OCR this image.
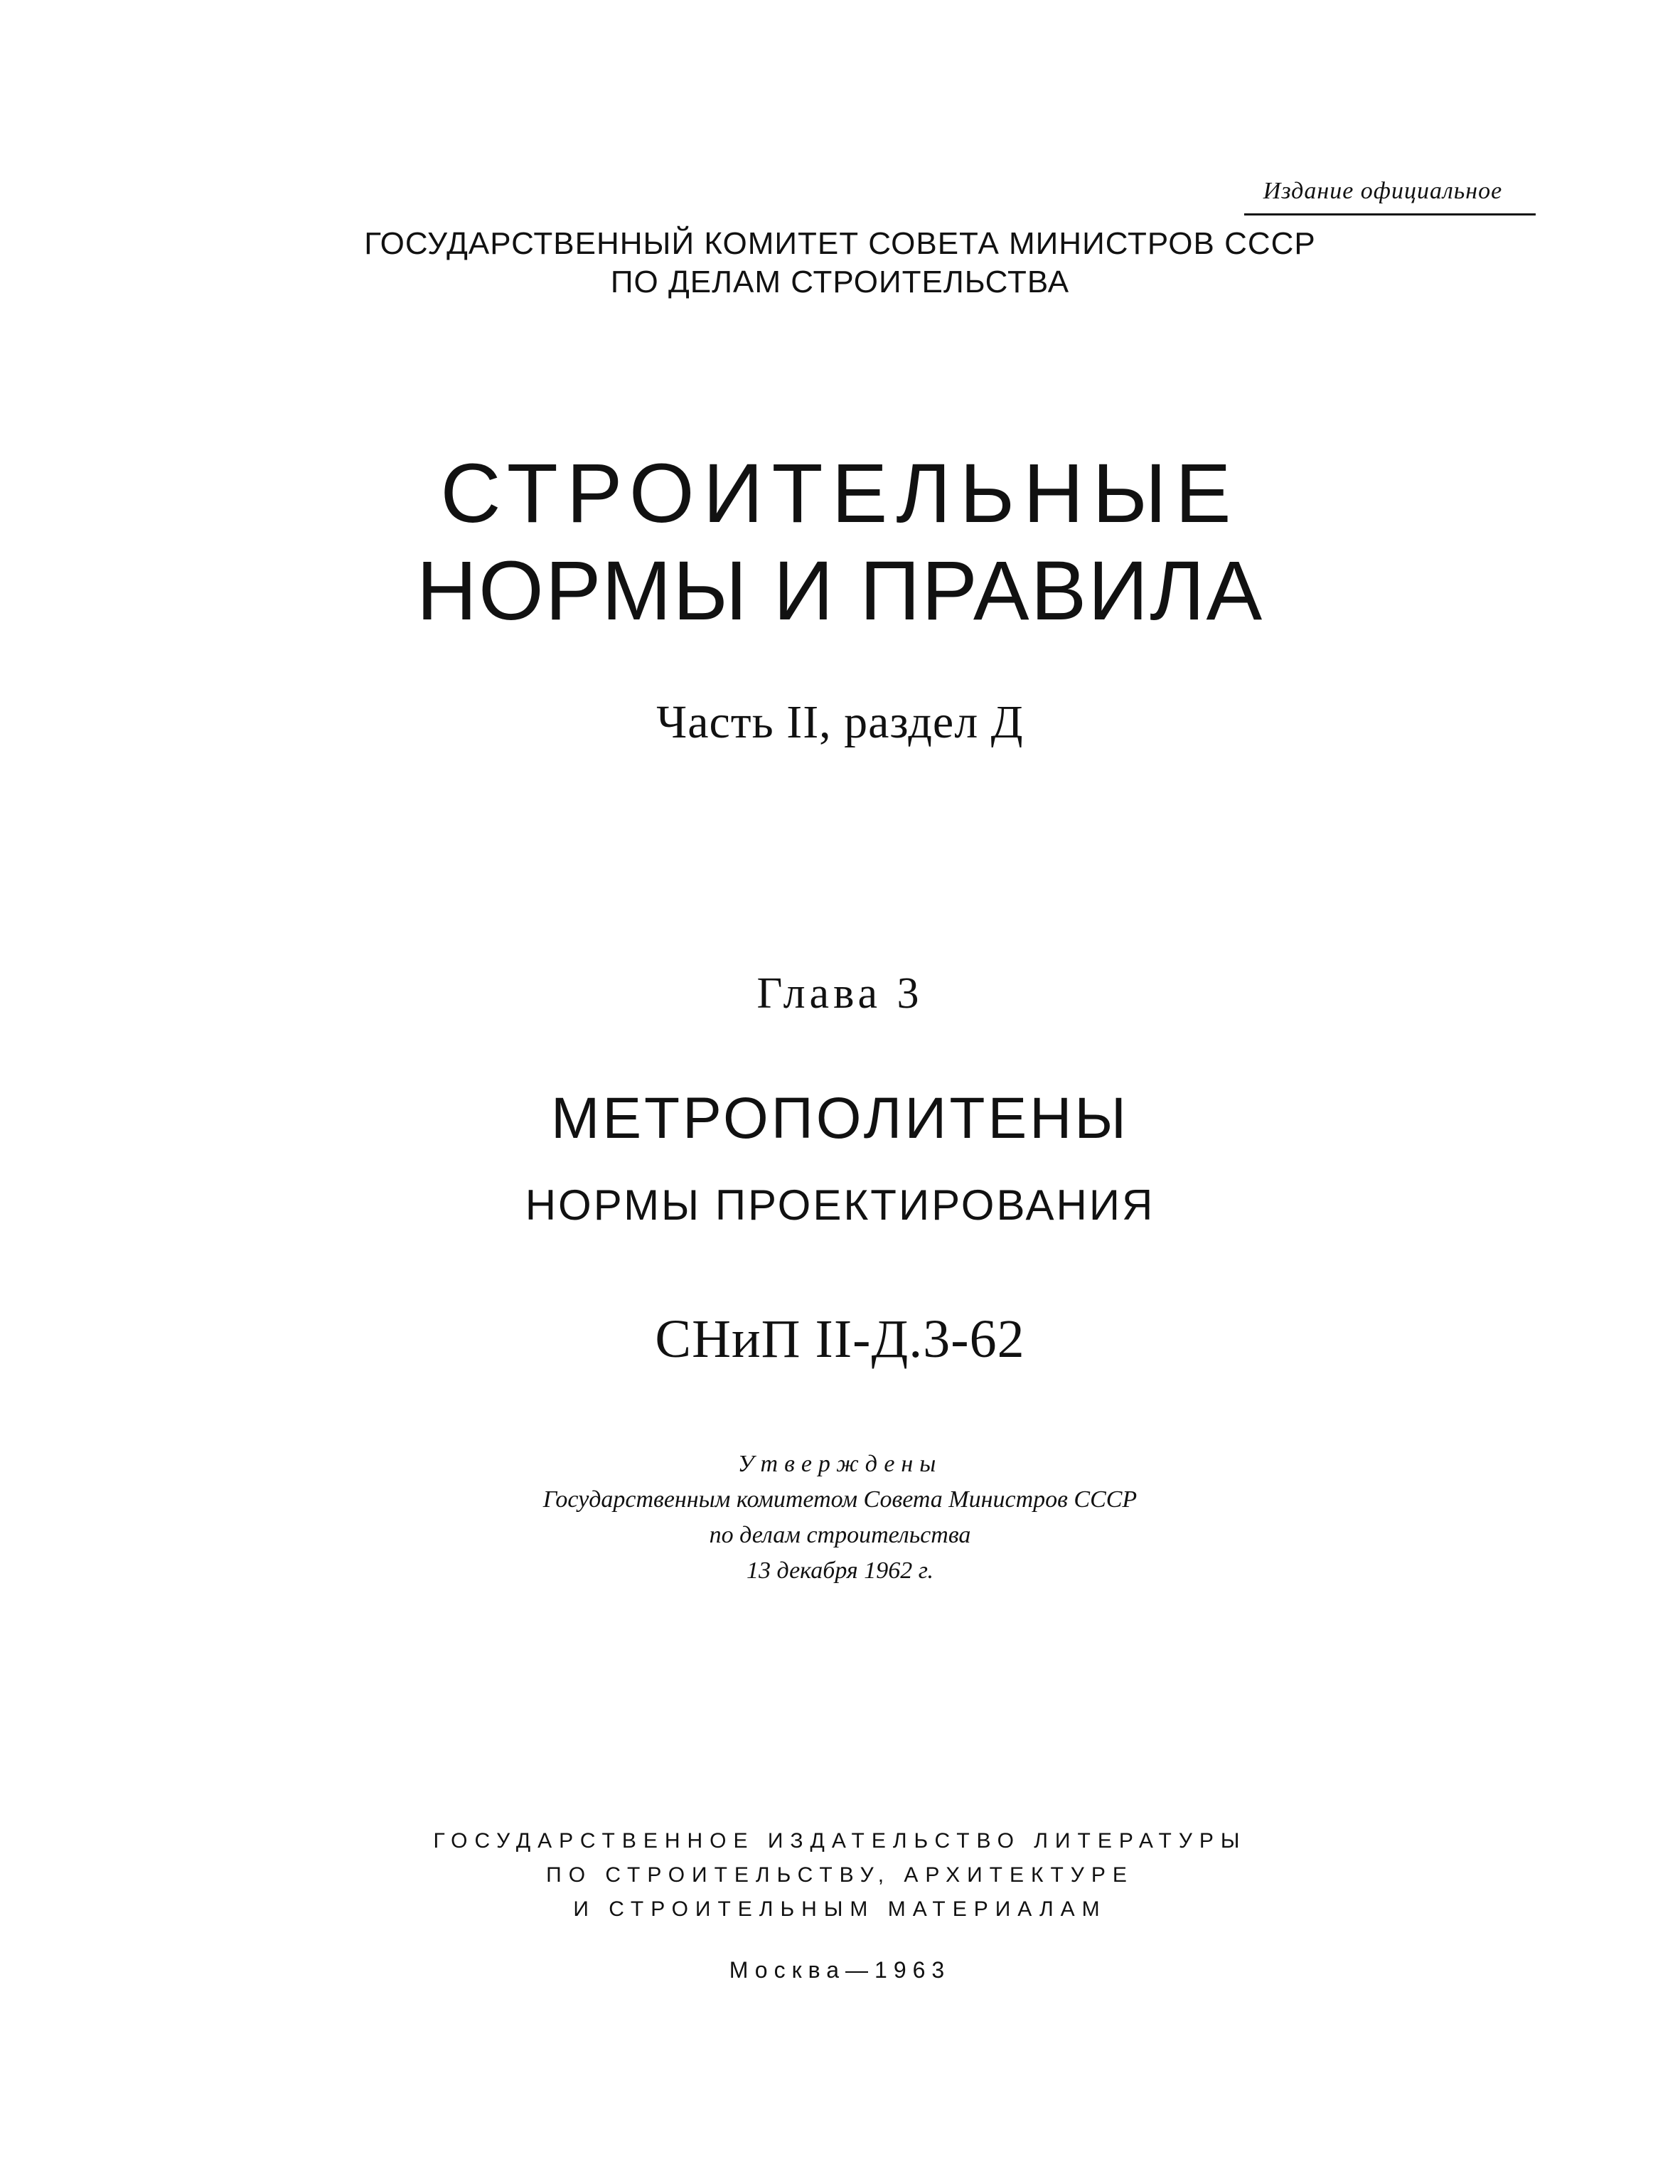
Издание официальное
ГОСУДАРСТВЕННЫЙ КОМИТЕТ СОВЕТА МИНИСТРОВ СССР
ПО ДЕЛАМ СТРОИТЕЛЬСТВА
СТРОИТЕЛЬНЫЕ
НОРМЫ И ПРАВИЛА
Часть II, раздел Д
Глава 3
МЕТРОПОЛИТЕНЫ
НОРМЫ ПРОЕКТИРОВАНИЯ
СНиП II-Д.3-62
Утверждены
Государственным комитетом Совета Министров СССР
по делам строительства
13 декабря 1962 г.
ГОСУДАРСТВЕННОЕ ИЗДАТЕЛЬСТВО ЛИТЕРАТУРЫ
ПО СТРОИТЕЛЬСТВУ, АРХИТЕКТУРЕ
И СТРОИТЕЛЬНЫМ МАТЕРИАЛАМ
Москва—1963
